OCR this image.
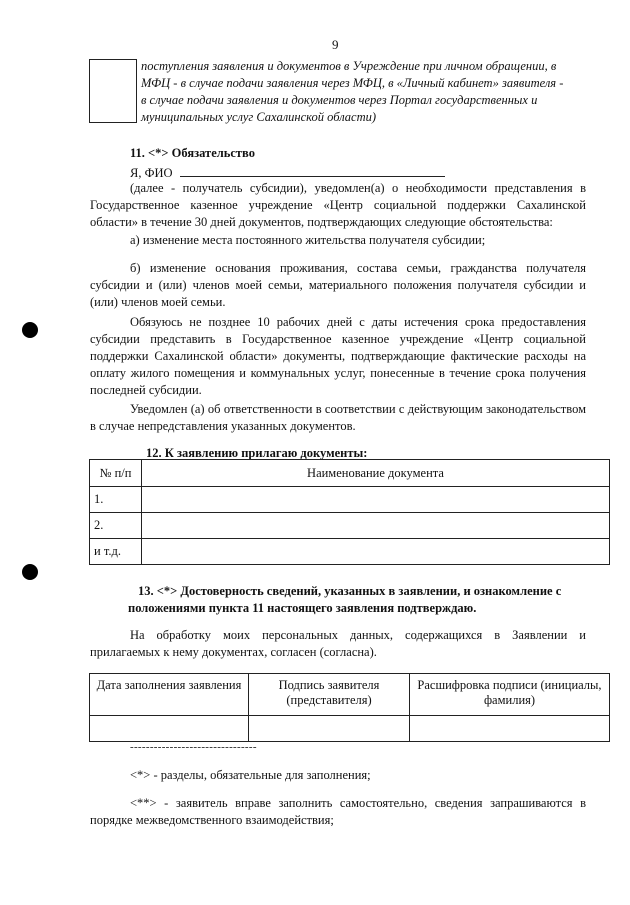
9
поступления заявления и документов в Учреждение при личном обращении, в
МФЦ - в случае подачи заявления через МФЦ, в «Личный кабинет» заявителя -
в случае подачи заявления и документов через Портал государственных и
муниципальных услуг Сахалинской области)
11. <*> Обязательство
Я, ФИО
(далее - получатель субсидии), уведомлен(а) о необходимости представления в Государственное казенное учреждение «Центр социальной поддержки Сахалинской области» в течение 30 дней документов, подтверждающих следующие обстоятельства:
а) изменение места постоянного жительства получателя субсидии;
б) изменение основания проживания, состава семьи, гражданства получателя субсидии и (или) членов моей семьи, материального положения получателя субсидии и (или) членов моей семьи.
Обязуюсь не позднее 10 рабочих дней с даты истечения срока предоставления субсидии представить в Государственное казенное учреждение «Центр социальной поддержки Сахалинской области» документы, подтверждающие фактические расходы на оплату жилого помещения и коммунальных услуг, понесенные в течение срока получения последней субсидии.
Уведомлен (а) об ответственности в соответствии с действующим законодательством в случае непредставления указанных документов.
12. К заявлению прилагаю документы:
№ п/п	Наименование документа
1.	
2.	
и т.д.	
13. <*> Достоверность сведений, указанных в заявлении, и ознакомление с
положениями пункта 11 настоящего заявления подтверждаю.
На обработку моих персональных данных, содержащихся в Заявлении и прилагаемых к нему документах, согласен (согласна).
Дата заполнения заявления	Подпись заявителя (представителя)	Расшифровка подписи (инициалы, фамилия)

--------------------------------
<*> - разделы, обязательные для заполнения;
<**> - заявитель вправе заполнить самостоятельно, сведения запрашиваются в порядке межведомственного взаимодействия;
